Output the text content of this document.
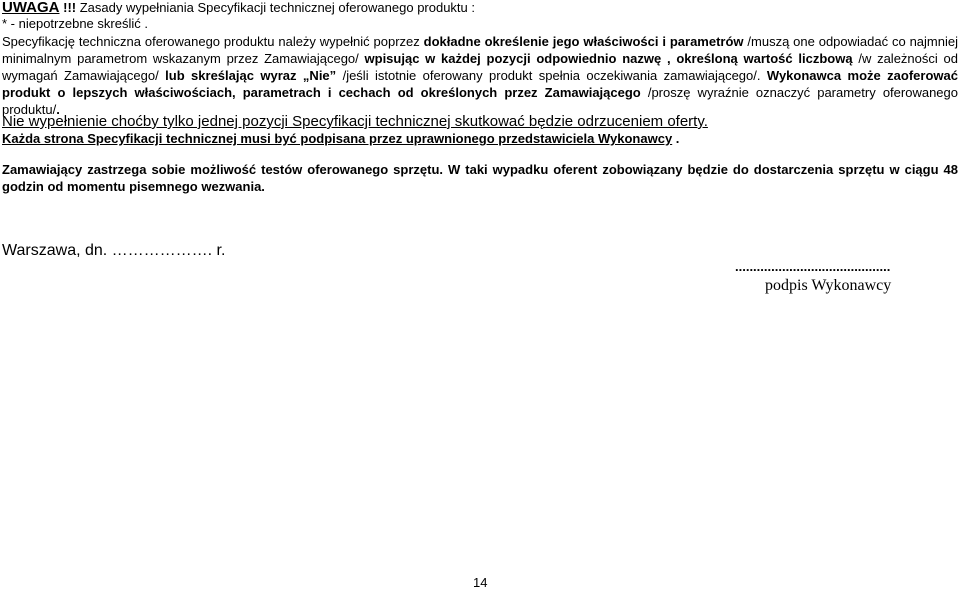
UWAGA !!! Zasady wypełniania Specyfikacji technicznej oferowanego produktu :
* - niepotrzebne skreślić .
Specyfikację techniczna oferowanego produktu należy wypełnić poprzez dokładne określenie jego właściwości i parametrów /muszą one odpowiadać co najmniej minimalnym parametrom wskazanym przez Zamawiającego/ wpisując w każdej pozycji odpowiednio nazwę , określoną wartość liczbową /w zależności od wymagań Zamawiającego/ lub skreślając wyraz „Nie” /jeśli istotnie oferowany produkt spełnia oczekiwania zamawiającego/. Wykonawca może zaoferować produkt o lepszych właściwościach, parametrach i cechach od określonych przez Zamawiającego /proszę wyraźnie oznaczyć parametry oferowanego produktu/.
Nie wypełnienie choćby tylko jednej pozycji Specyfikacji technicznej skutkować będzie odrzuceniem oferty.
Każda strona Specyfikacji technicznej musi być podpisana przez uprawnionego przedstawiciela Wykonawcy .
Zamawiający zastrzega sobie możliwość testów oferowanego sprzętu. W taki wypadku oferent zobowiązany będzie do dostarczenia sprzętu w ciągu 48 godzin od momentu pisemnego wezwania.
Warszawa, dn. ………………. r.
...........................................
podpis Wykonawcy
14
